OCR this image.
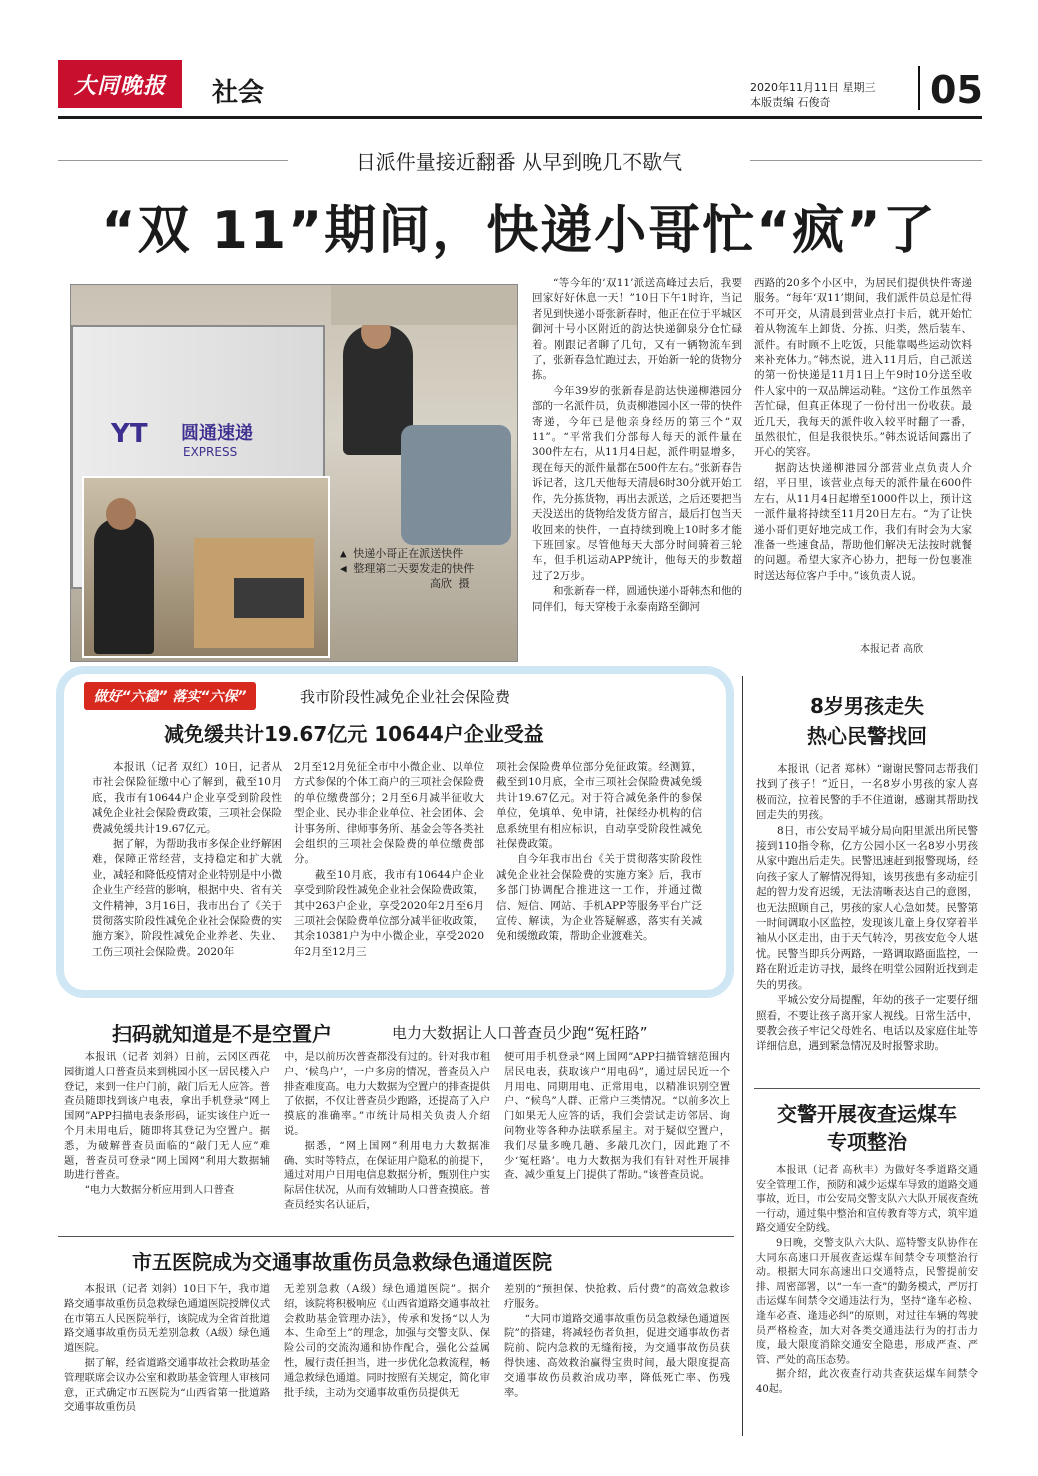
大同晚报	社会	2020年11月11日 星期三
本版责编 石俊奇	05
日派件量接近翻番 从早到晚几不歇气
“双 11”期间，快递小哥忙“疯”了
YT 圆通速递
EXPRESS
▲ 快递小哥正在派送快件
◀ 整理第二天要发走的快件
高欣 摄

“等今年的‘双11’派送高峰过去后，我要回家好好休息一天！”10日下午1时许，当记者见到快递小哥张新春时，他正在位于平城区御河十号小区附近的韵达快递御泉分仓忙碌着。刚跟记者聊了几句，又有一辆物流车到了，张新春急忙跑过去，开始新一轮的货物分拣。

今年39岁的张新春是韵达快递柳港园分部的一名派件员，负责柳港园小区一带的快件寄递，今年已是他亲身经历的第三个“双11”。“平常我们分部每人每天的派件量在300件左右，从11月4日起，派件明显增多，现在每天的派件量都在500件左右。”张新春告诉记者，这几天他每天清晨6时30分就开始工作，先分拣货物，再出去派送，之后还要把当天没送出的货物给发货方留言，最后打包当天收回来的快件，一直持续到晚上10时多才能下班回家。尽管他每天大部分时间骑着三轮车，但手机运动APP统计，他每天的步数超过了2万步。

和张新春一样，圆通快递小哥韩杰和他的同伴们，每天穿梭于永泰南路至御河

西路的20多个小区中，为居民们提供快件寄递服务。“每年‘双11’期间，我们派件员总是忙得不可开交，从清晨到营业点打卡后，就开始忙着从物流车上卸货、分拣、归类，然后装车、派件。有时顾不上吃饭，只能靠喝些运动饮料来补充体力。”韩杰说，进入11月后，自己派送的第一份快递是11月1日上午9时10分送至收件人家中的一双品牌运动鞋。“这份工作虽然辛苦忙碌，但真正体现了一份付出一份收获。最近几天，我每天的派件收入较平时翻了一番，虽然很忙，但是我很快乐。”韩杰说话间露出了开心的笑容。

据韵达快递柳港园分部营业点负责人介绍，平日里，该营业点每天的派件量在600件左右，从11月4日起增至1000件以上，预计这一派件量将持续至11月20日左右。“为了让快递小哥们更好地完成工作，我们有时会为大家准备一些速食品，帮助他们解决无法按时就餐的问题。希望大家齐心协力，把每一份包裹准时送达每位客户手中。”该负责人说。

本报记者 高欣
做好“六稳” 落实“六保”	我市阶段性减免企业社会保险费
减免缓共计19.67亿元 10644户企业受益

本报讯（记者 双红）10日，记者从市社会保险征缴中心了解到，截至10月底，我市有10644户企业享受到阶段性减免企业社会保险费政策，三项社会保险费减免缓共计19.67亿元。

据了解，为帮助我市多保企业纾解困难，保障正常经营，支持稳定和扩大就业，减轻和降低疫情对企业特别是中小微企业生产经营的影响，根据中央、省有关文件精神，3月16日，我市出台了《关于贯彻落实阶段性减免企业社会保险费的实施方案》，阶段性减免企业养老、失业、工伤三项社会保险费。2020年

2月至12月免征全市中小微企业、以单位方式参保的个体工商户的三项社会保险费的单位缴费部分；2月至6月减半征收大型企业、民办非企业单位、社会团体、会计事务所、律师事务所、基金会等各类社会组织的三项社会保险费的单位缴费部分。

截至10月底，我市有10644户企业享受到阶段性减免企业社会保险费政策，其中263户企业，享受2020年2月至6月三项社会保险费单位部分减半征收政策，其余10381户为中小微企业，享受2020年2月至12月三

项社会保险费单位部分免征政策。经测算，截至到10月底，全市三项社会保险费减免缓共计19.67亿元。对于符合减免条件的参保单位，免填单、免申请，社保经办机构的信息系统里有相应标识，自动享受阶段性减免社保费政策。

自今年我市出台《关于贯彻落实阶段性减免企业社会保险费的实施方案》后，我市多部门协调配合推进这一工作，并通过微信、短信、网站、手机APP等服务平台广泛宣传、解读，为企业答疑解惑，落实有关减免和缓缴政策，帮助企业渡难关。

8岁男孩走失
热心民警找回

本报讯（记者 郑林）“谢谢民警同志帮我们找到了孩子！”近日，一名8岁小男孩的家人喜极而泣，拉着民警的手不住道谢，感谢其帮助找回走失的男孩。

8日，市公安局平城分局向阳里派出所民警接到110指令称，亿方公园小区一名8岁小男孩从家中跑出后走失。民警迅速赶到报警现场，经向孩子家人了解情况得知，该男孩患有多动症引起的智力发育迟缓，无法清晰表达自己的意图，也无法照顾自己，男孩的家人心急如焚。民警第一时间调取小区监控，发现该儿童上身仅穿着半袖从小区走出，由于天气转冷，男孩安危令人堪忧。民警当即兵分两路，一路调取路面监控，一路在附近走访寻找，最终在明堂公园附近找到走失的男孩。

平城公安分局提醒，年幼的孩子一定要仔细照看，不要让孩子离开家人视线。日常生活中，要教会孩子牢记父母姓名、电话以及家庭住址等详细信息，遇到紧急情况及时报警求助。

交警开展夜查运煤车
专项整治

本报讯（记者 高秋丰）为做好冬季道路交通安全管理工作，预防和减少运煤车导致的道路交通事故，近日，市公安局交警支队六大队开展夜查统一行动，通过集中整治和宣传教育等方式，筑牢道路交通安全防线。

9日晚，交警支队六大队、巡特警支队协作在大同东高速口开展夜查运煤车间禁令专项整治行动。根据大同东高速出口交通特点，民警提前安排、周密部署，以“一车一查”的勤务模式，严厉打击运煤车间禁令交通违法行为，坚持“逢车必检、逢车必查、逢违必纠”的原则，对过往车辆的驾驶员严格检查，加大对各类交通违法行为的打击力度，最大限度消除交通安全隐患，形成严查、严管、严处的高压态势。

据介绍，此次夜查行动共查获运煤车间禁令40起。

扫码就知道是不是空置户	电力大数据让人口普查员少跑“冤枉路”

本报讯（记者 刘斜）日前，云冈区西花园街道人口普查员来到桃园小区一居民楼入户登记，来到一住户门前，敲门后无人应答。普查员随即找到该户电表，拿出手机登录“网上国网”APP扫描电表条形码，证实该住户近一个月未用电后，随即将其登记为空置户。据悉，为破解普查员面临的“敲门无人应”难题，普查员可登录“网上国网”利用大数据辅助进行普查。

“电力大数据分析应用到人口普查

中，是以前历次普查都没有过的。针对我市租户、‘候鸟户’，一户多房的情况，普查员入户排查难度高。电力大数据为空置户的排查提供了依据，不仅让普查员少跑路，还提高了入户摸底的准确率。”市统计局相关负责人介绍说。

据悉，“网上国网”利用电力大数据准确、实时等特点，在保证用户隐私的前提下，通过对用户日用电信息数据分析，甄别住户实际居住状况，从而有效辅助人口普查摸底。普查员经实名认证后，

便可用手机登录“网上国网”APP扫描管辖范围内居民电表，获取该户“用电码”，通过居民近一个月用电、同期用电、正常用电，以精准识别空置户、“候鸟”人群、正常户三类情况。“以前多次上门如果无人应答的话，我们会尝试走访邻居、询问物业等各种办法联系屋主。对于疑似空置户，我们尽量多晚几趟、多敲几次门，因此跑了不少‘冤枉路’。电力大数据为我们有针对性开展排查、减少重复上门提供了帮助。”该普查员说。

市五医院成为交通事故重伤员急救绿色通道医院

本报讯（记者 刘斜）10日下午，我市道路交通事故重伤员急救绿色通道医院授牌仪式在市第五人民医院举行，该院成为全省首批道路交通事故重伤员无差别急救（A级）绿色通道医院。

据了解，经省道路交通事故社会救助基金管理联席会议办公室和救助基金管理人审核同意，正式确定市五医院为“山西省第一批道路交通事故重伤员

无差别急救（A级）绿色通道医院”。据介绍，该院将积极响应《山西省道路交通事故社会救助基金管理办法》，传承和发扬“以人为本、生命至上”的理念，加强与交警支队、保险公司的交流沟通和协作配合，强化公益属性，履行责任担当，进一步优化急救流程，畅通急救绿色通道。同时按照有关规定，简化审批手续，主动为交通事故重伤员提供无

差别的“预担保、快抢救、后付费”的高效急救诊疗服务。

“大同市道路交通事故重伤员急救绿色通道医院”的搭建，将减轻伤者负担，促进交通事故伤者院前、院内急救的无缝衔接，为交通事故伤员获得快速、高效救治赢得宝贵时间，最大限度提高交通事故伤员救治成功率，降低死亡率、伤残率。
